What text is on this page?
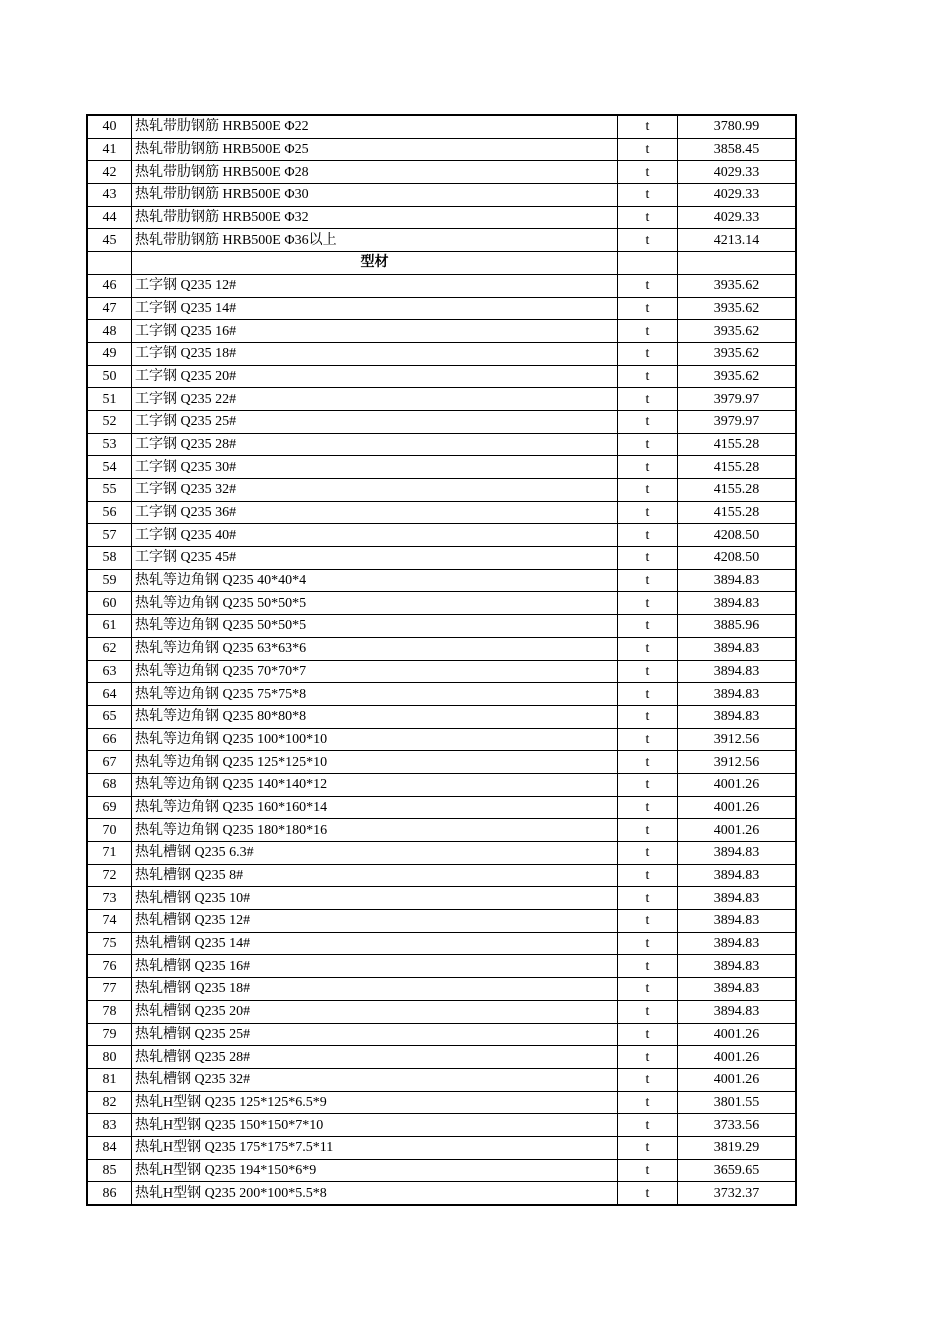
40	热轧带肋钢筋 HRB500E Φ22	t	3780.99
41	热轧带肋钢筋 HRB500E Φ25	t	3858.45
42	热轧带肋钢筋 HRB500E Φ28	t	4029.33
43	热轧带肋钢筋 HRB500E Φ30	t	4029.33
44	热轧带肋钢筋 HRB500E Φ32	t	4029.33
45	热轧带肋钢筋 HRB500E Φ36以上	t	4213.14
	型材		
46	工字钢 Q235 12#	t	3935.62
47	工字钢 Q235 14#	t	3935.62
48	工字钢 Q235 16#	t	3935.62
49	工字钢 Q235 18#	t	3935.62
50	工字钢 Q235 20#	t	3935.62
51	工字钢 Q235 22#	t	3979.97
52	工字钢 Q235 25#	t	3979.97
53	工字钢 Q235 28#	t	4155.28
54	工字钢 Q235 30#	t	4155.28
55	工字钢 Q235 32#	t	4155.28
56	工字钢 Q235 36#	t	4155.28
57	工字钢 Q235 40#	t	4208.50
58	工字钢 Q235 45#	t	4208.50
59	热轧等边角钢 Q235 40*40*4	t	3894.83
60	热轧等边角钢 Q235 50*50*5	t	3894.83
61	热轧等边角钢 Q235 50*50*5	t	3885.96
62	热轧等边角钢 Q235 63*63*6	t	3894.83
63	热轧等边角钢 Q235 70*70*7	t	3894.83
64	热轧等边角钢 Q235 75*75*8	t	3894.83
65	热轧等边角钢 Q235 80*80*8	t	3894.83
66	热轧等边角钢 Q235 100*100*10	t	3912.56
67	热轧等边角钢 Q235 125*125*10	t	3912.56
68	热轧等边角钢 Q235 140*140*12	t	4001.26
69	热轧等边角钢 Q235 160*160*14	t	4001.26
70	热轧等边角钢 Q235 180*180*16	t	4001.26
71	热轧槽钢 Q235 6.3#	t	3894.83
72	热轧槽钢 Q235 8#	t	3894.83
73	热轧槽钢 Q235 10#	t	3894.83
74	热轧槽钢 Q235 12#	t	3894.83
75	热轧槽钢 Q235 14#	t	3894.83
76	热轧槽钢 Q235 16#	t	3894.83
77	热轧槽钢 Q235 18#	t	3894.83
78	热轧槽钢 Q235 20#	t	3894.83
79	热轧槽钢 Q235 25#	t	4001.26
80	热轧槽钢 Q235 28#	t	4001.26
81	热轧槽钢 Q235 32#	t	4001.26
82	热轧H型钢 Q235 125*125*6.5*9	t	3801.55
83	热轧H型钢 Q235 150*150*7*10	t	3733.56
84	热轧H型钢 Q235 175*175*7.5*11	t	3819.29
85	热轧H型钢 Q235 194*150*6*9	t	3659.65
86	热轧H型钢 Q235 200*100*5.5*8	t	3732.37
